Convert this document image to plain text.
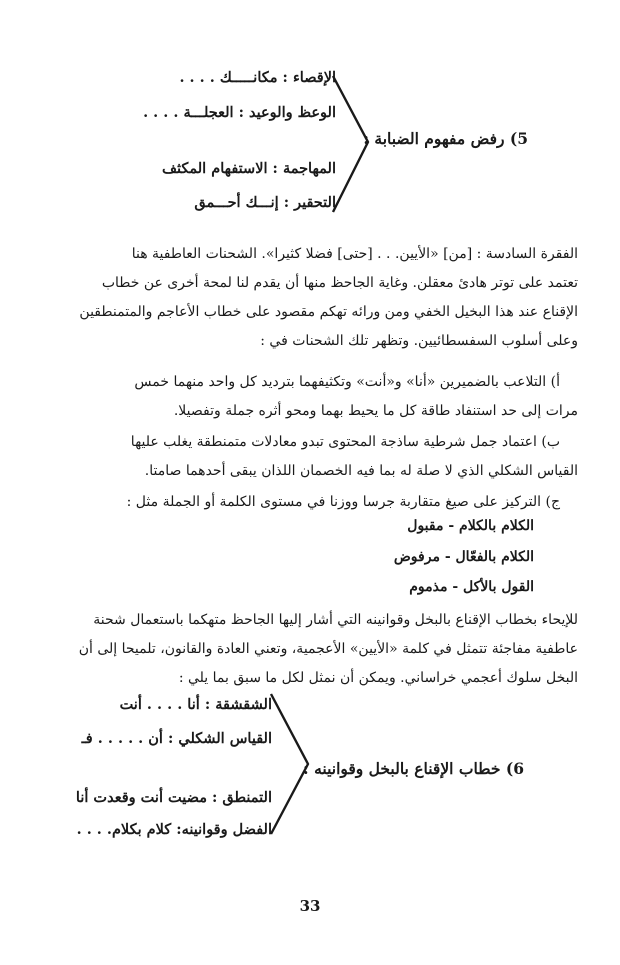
الإقصاء : مكانـــــك . . . .
الوعظ والوعيد : العجلـــة . . . .
المهاجمة : الاستفهام المكثف
التحقير : إنـــك أحـــمق
5) رفض مفهوم الضبابة :

الفقرة السادسة : [من] «الأيين. . . [حتى] فضلا كثيرا». الشحنات العاطفية هنا

تعتمد على توتر هادئ معقلن. وغاية الجاحظ منها أن يقدم لنا لمحة أخرى عن خطاب

الإقناع عند هذا البخيل الخفي ومن ورائه تهكم مقصود على خطاب الأعاجم والمتمنطقين

وعلى أسلوب السفسطائيين. وتظهر تلك الشحنات في :

أ) التلاعب بالضميرين «أنا» و«أنت» وتكثيفهما بترديد كل واحد منهما خمس

مرات إلى حد استنفاد طاقة كل ما يحيط بهما ومحو أثره جملة وتفصيلا.

ب) اعتماد جمل شرطية ساذجة المحتوى تبدو معادلات متمنطقة يغلب عليها

القياس الشكلي الذي لا صلة له بما فيه الخصمان اللذان يبقى أحدهما صامتا.

ج) التركيز على صيغ متقاربة جرسا ووزنا في مستوى الكلمة أو الجملة مثل :

الكلام بالكلام - مقبول
الكلام بالفعّال - مرفوض
القول بالأكل - مذموم

للإيحاء بخطاب الإقناع بالبخل وقوانينه التي أشار إليها الجاحظ متهكما باستعمال شحنة

عاطفية مفاجئة تتمثل في كلمة «الأيين» الأعجمية، وتعني العادة والقانون، تلميحا إلى أن

البخل سلوك أعجمي خراساني. ويمكن أن نمثل لكل ما سبق بما يلي :

الشقشقة : أنا . . . . أنت
القياس الشكلي : أن . . . . . فـ
التمنطق : مضيت أنت وقعدت أنا
الفضل وقوانينه: كلام بكلام. . . .
6) خطاب الإقناع بالبخل وقوانينه :
33
